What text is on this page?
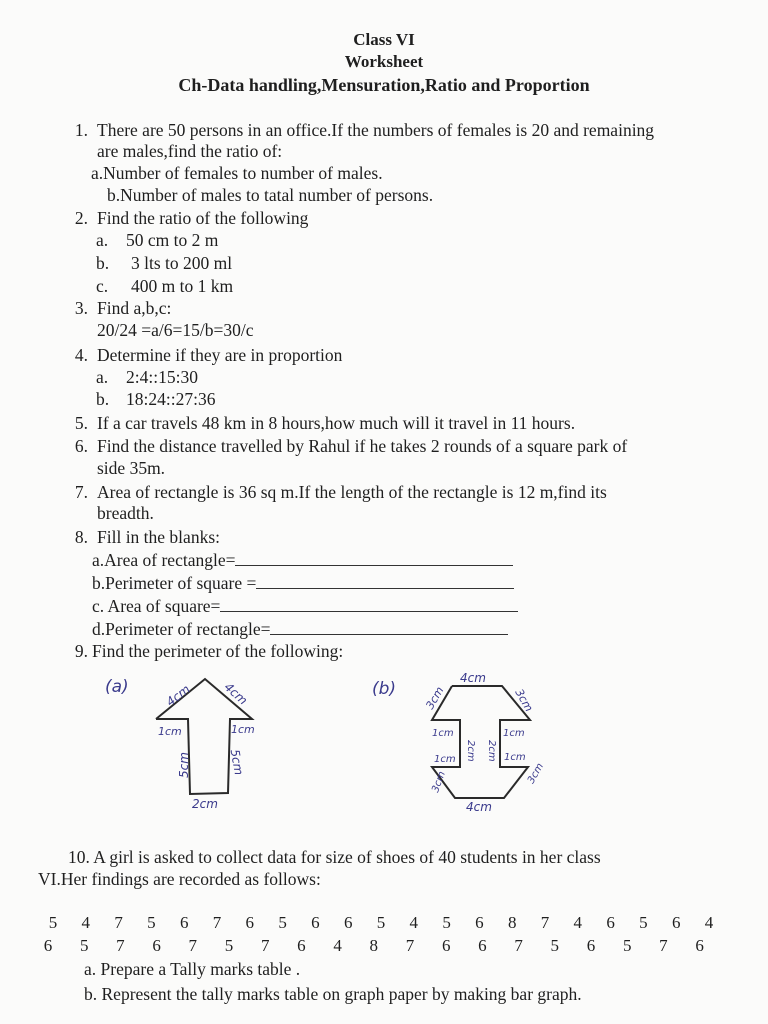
Class VI
Worksheet
Ch-Data handling,Mensuration,Ratio and Proportion
1. There are 50 persons in an office.If the numbers of females is 20 and remaining
are males,find the ratio of:
a.Number of females to number of males.
b.Number of males to tatal number of persons.
2. Find the ratio of the following
a. 50 cm to 2 m
b. 3 lts to 200 ml
c. 400 m to 1 km
3. Find a,b,c:
20/24 =a/6=15/b=30/c
4. Determine if they are in proportion
a. 2:4::15:30
b. 18:24::27:36
5. If a car travels 48 km in 8 hours,how much will it travel in 11 hours.
6. Find the distance travelled by Rahul if he takes 2 rounds of a square park of
side 35m.
7. Area of rectangle is 36 sq m.If the length of the rectangle is 12 m,find its
breadth.
8. Fill in the blanks:
a.Area of rectangle=
b.Perimeter of square =
c. Area of square=
d.Perimeter of rectangle=
9. Find the perimeter of the following:
(a)	4cm 4cm
1cm	1cm
5cm	5cm
2cm
(b)
4cm
3cm	3cm
1cm
2cm 2cm
1cm
1cm	1cm
3cm	3cm
4cm
10. A girl is asked to collect data for size of shoes of 40 students in her class
VI.Her findings are recorded as follows:
5	4	7	5	6	7	6	5	6	6	5	4	5	6	8	7	4	6	5	6	4
6	5	7	6	7	5	7	6	4	8	7	6	6	7	5	6	5	7	6
a. Prepare a Tally marks table .
b. Represent the tally marks table on graph paper by making bar graph.
